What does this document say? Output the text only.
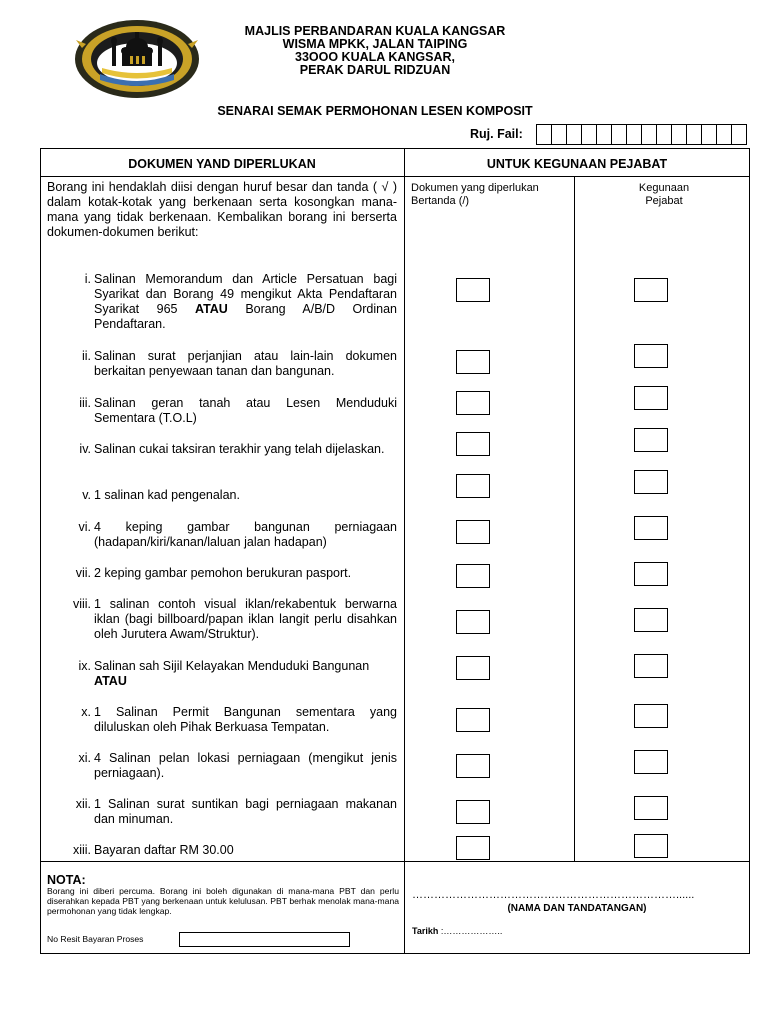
MAJLIS PERBANDARAN KUALA KANGSAR
WISMA MPKK, JALAN TAIPING
33OOO KUALA KANGSAR,
PERAK DARUL RIDZUAN
SENARAI SEMAK PERMOHONAN LESEN KOMPOSIT
Ruj. Fail:
DOKUMEN YAND DIPERLUKAN	UNTUK KEGUNAAN PEJABAT
Dokumen yang diperlukan
Bertanda (/)
Kegunaan
Pejabat
Borang ini hendaklah diisi dengan huruf besar dan tanda ( √ ) dalam kotak-kotak yang berkenaan serta kosongkan mana-mana yang tidak berkenaan. Kembalikan borang ini berserta dokumen-dokumen berikut:
i. Salinan Memorandum dan Article Persatuan bagi Syarikat dan Borang 49 mengikut Akta Pendaftaran Syarikat 965 ATAU Borang A/B/D Ordinan Pendaftaran.
ii. Salinan surat perjanjian atau lain-lain dokumen berkaitan penyewaan tanan dan bangunan.
iii. Salinan geran tanah atau Lesen Menduduki Sementara (T.O.L)
iv. Salinan cukai taksiran terakhir yang telah dijelaskan.
v. 1 salinan kad pengenalan.
vi. 4 keping gambar bangunan perniagaan (hadapan/kiri/kanan/laluan jalan hadapan)
vii. 2 keping gambar pemohon berukuran pasport.
viii. 1 salinan contoh visual iklan/rekabentuk berwarna iklan (bagi billboard/papan iklan langit perlu disahkan oleh Jurutera Awam/Struktur).
ix. Salinan sah Sijil Kelayakan Menduduki Bangunan
ATAU
x. 1 Salinan Permit Bangunan sementara yang diluluskan oleh Pihak Berkuasa Tempatan.
xi. 4 Salinan pelan lokasi perniagaan (mengikut jenis perniagaan).
xii. 1 Salinan surat suntikan bagi perniagaan makanan dan minuman.
xiii. Bayaran daftar RM 30.00
NOTA:
Borang ini diberi percuma. Borang ini boleh digunakan di mana-mana PBT dan perlu diserahkan kepada PBT yang berkenaan untuk kelulusan. PBT berhak menolak mana-mana permohonan yang tidak lengkap.
No Resit Bayaran Proses
………………………………………………………………......
(NAMA DAN TANDATANGAN)
Tarikh :………………..
